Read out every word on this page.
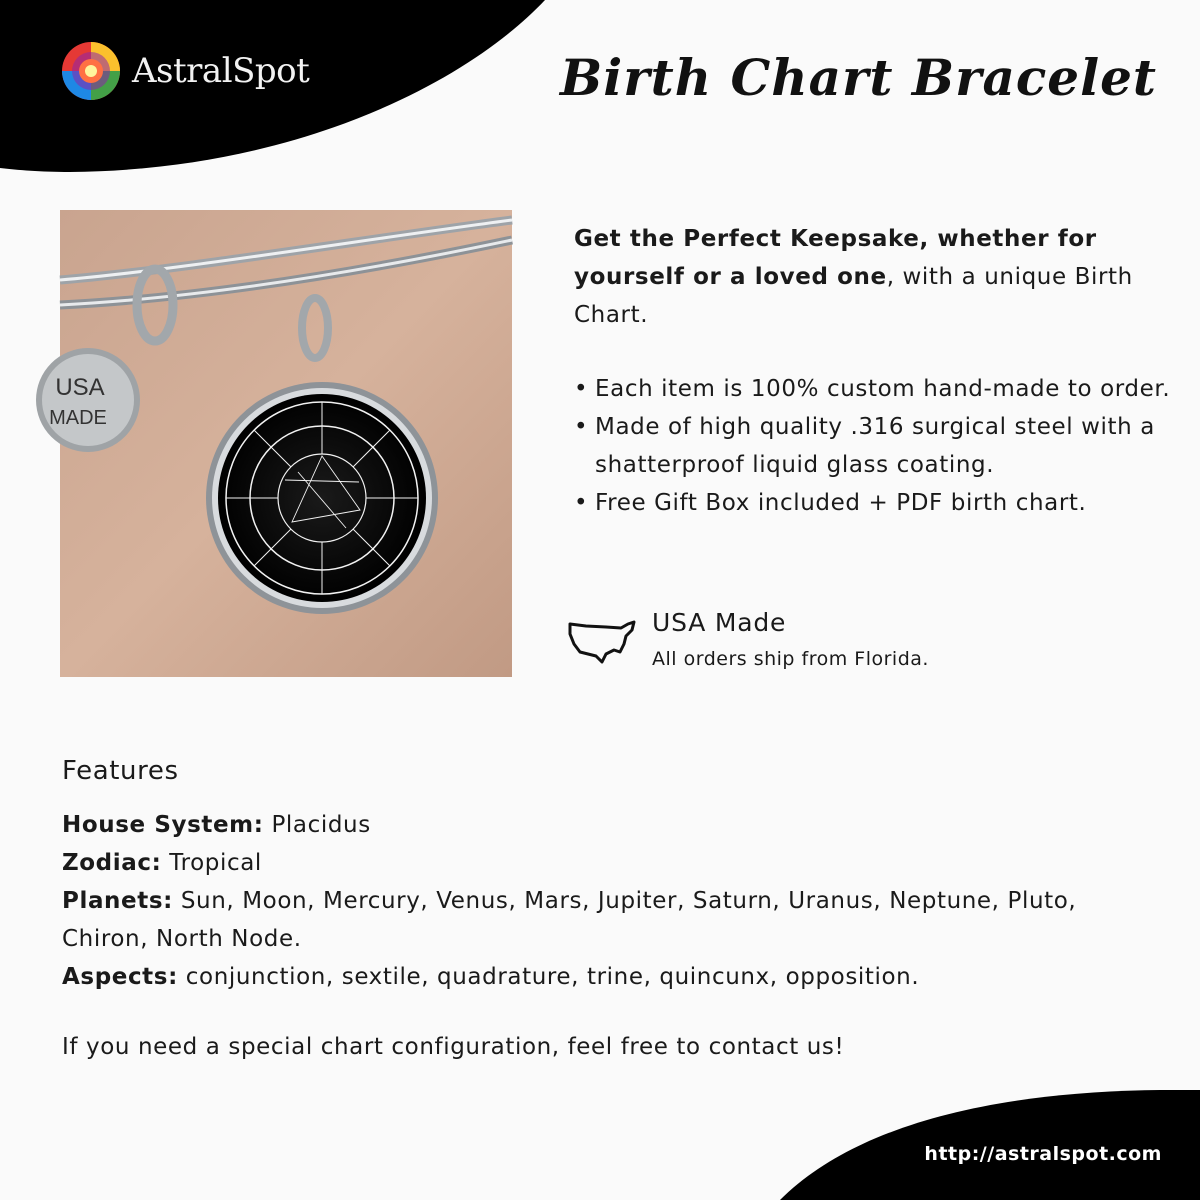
AstralSpot	Birth Chart Bracelet
USA
MADE

Get the Perfect Keepsake, whether for yourself or a loved one, with a unique Birth Chart.

• Each item is 100% custom hand-made to order.
• Made of high quality .316 surgical steel with a shatterproof liquid glass coating.
• Free Gift Box included + PDF birth chart.
USA Made
All orders ship from Florida.
Features
House System: Placidus
Zodiac: Tropical
Planets: Sun, Moon, Mercury, Venus, Mars, Jupiter, Saturn, Uranus, Neptune, Pluto, Chiron, North Node.
Aspects: conjunction, sextile, quadrature, trine, quincunx, opposition.

If you need a special chart configuration, feel free to contact us!

http://astralspot.com
